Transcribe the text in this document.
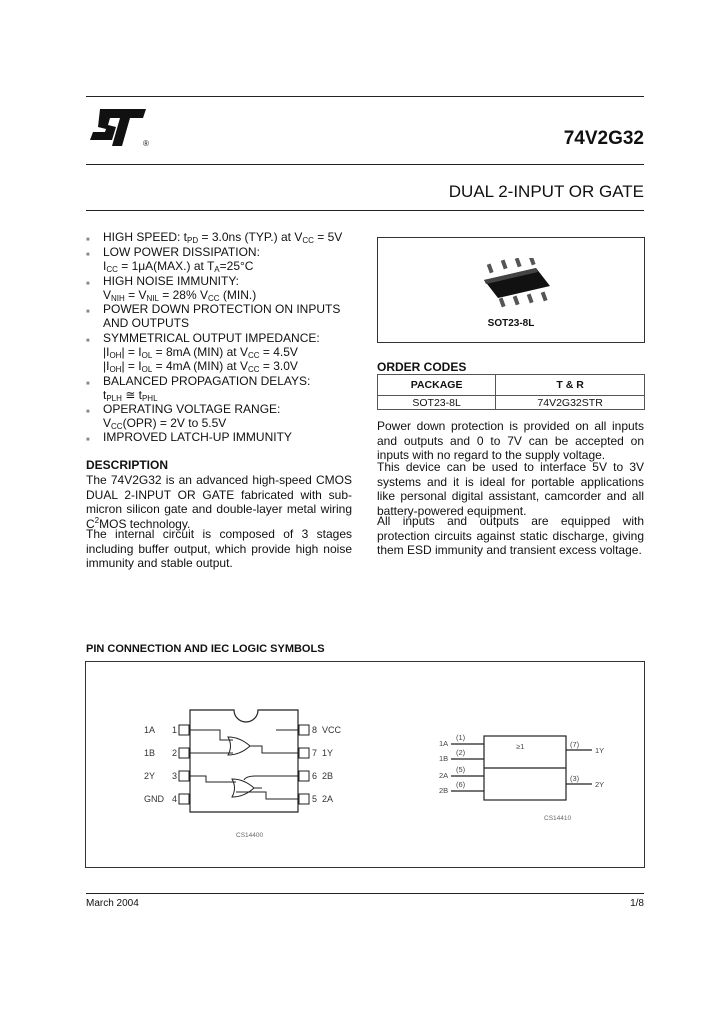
®	74V2G32
DUAL 2-INPUT OR GATE
■ HIGH SPEED: $t_{PD} = 3.0ns$ (TYP.) at $V_{CC} = 5V$
■ LOW POWER DISSIPATION:
$I_{CC} = 1\mu A(MAX.)$ at $T_A=25^\circ C$
■ HIGH NOISE IMMUNITY:
$V_{NIH} = V_{NIL} = 28\%$ $V_{CC}$ (MIN.)
■ POWER DOWN PROTECTION ON INPUTS
AND OUTPUTS
■ SYMMETRICAL OUTPUT IMPEDANCE:
$|I_{OH}| = I_{OL} = 8mA$ (MIN) at $V_{CC} = 4.5V$
$|I_{OH}| = I_{OL} = 4mA$ (MIN) at $V_{CC} = 3.0V$
■ BALANCED PROPAGATION DELAYS:
$t_{PLH}$ ≅ $t_{PHL}$
■ OPERATING VOLTAGE RANGE:
$V_{CC}(OPR) = 2V$ to 5.5V
■ IMPROVED LATCH-UP IMMUNITY
DESCRIPTION
The 74V2G32 is an advanced high-speed CMOS DUAL 2-INPUT OR GATE fabricated with sub-micron silicon gate and double-layer metal wiring $C^2MOS$ technology.
The internal circuit is composed of 3 stages including buffer output, which provide high noise immunity and stable output.
SOT23-8L
ORDER CODES
PACKAGE	T & R
SOT23-8L	74V2G32STR
Power down protection is provided on all inputs and outputs and 0 to 7V can be accepted on inputs with no regard to the supply voltage.
This device can be used to interface 5V to 3V systems and it is ideal for portable applications like personal digital assistant, camcorder and all battery-powered equipment.
All inputs and outputs are equipped with protection circuits against static discharge, giving them ESD immunity and transient excess voltage.
PIN CONNECTION AND IEC LOGIC SYMBOLS
1A 1
1B 2
2Y 3
GND 4
8 VCC
7 1Y
6 2B
5 2A
CS14400
1A
(1)
1B
(2)
2A
(5)
2B
(6)
≥1	(7)
1Y
(3)
2Y
CS14410
March 2004	1/8
